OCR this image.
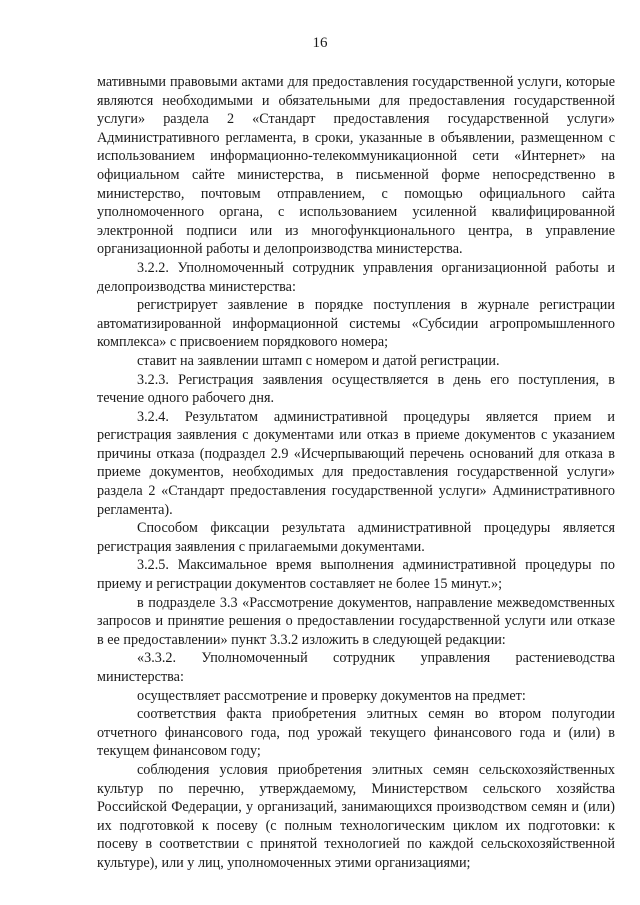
16

мативными правовыми актами для предоставления государственной услуги, которые являются необходимыми и обязательными для предоставления государственной услуги» раздела 2 «Стандарт предоставления государственной услуги» Административного регламента, в сроки, указанные в объявлении, размещенном с использованием информационно-телекоммуникационной сети «Интернет» на официальном сайте министерства, в письменной форме непосредственно в министерство, почтовым отправлением, с помощью официального сайта уполномоченного органа, с использованием усиленной квалифицированной электронной подписи или из многофункционального центра, в управление организационной работы и делопроизводства министерства.

3.2.2. Уполномоченный сотрудник управления организационной работы и делопроизводства министерства:

регистрирует заявление в порядке поступления в журнале регистрации автоматизированной информационной системы «Субсидии агропромышленного комплекса» с присвоением порядкового номера;

ставит на заявлении штамп с номером и датой регистрации.

3.2.3. Регистрация заявления осуществляется в день его поступления, в течение одного рабочего дня.

3.2.4. Результатом административной процедуры является прием и регистрация заявления с документами или отказ в приеме документов с указанием причины отказа (подраздел 2.9 «Исчерпывающий перечень оснований для отказа в приеме документов, необходимых для предоставления государственной услуги» раздела 2 «Стандарт предоставления государственной услуги» Административного регламента).

Способом фиксации результата административной процедуры является регистрация заявления с прилагаемыми документами.

3.2.5. Максимальное время выполнения административной процедуры по приему и регистрации документов составляет не более 15 минут.»;

в подразделе 3.3 «Рассмотрение документов, направление межведомственных запросов и принятие решения о предоставлении государственной услуги или отказе в ее предоставлении» пункт 3.3.2 изложить в следующей редакции:

«3.3.2. Уполномоченный сотрудник управления растениеводства министерства:

осуществляет рассмотрение и проверку документов на предмет:

соответствия факта приобретения элитных семян во втором полугодии отчетного финансового года, под урожай текущего финансового года и (или) в текущем финансовом году;

соблюдения условия приобретения элитных семян сельскохозяйственных культур по перечню, утверждаемому, Министерством сельского хозяйства Российской Федерации, у организаций, занимающихся производством семян и (или) их подготовкой к посеву (с полным технологическим циклом их подготовки: к посеву в соответствии с принятой технологией по каждой сельскохозяйственной культуре), или у лиц, уполномоченных этими организациями;
